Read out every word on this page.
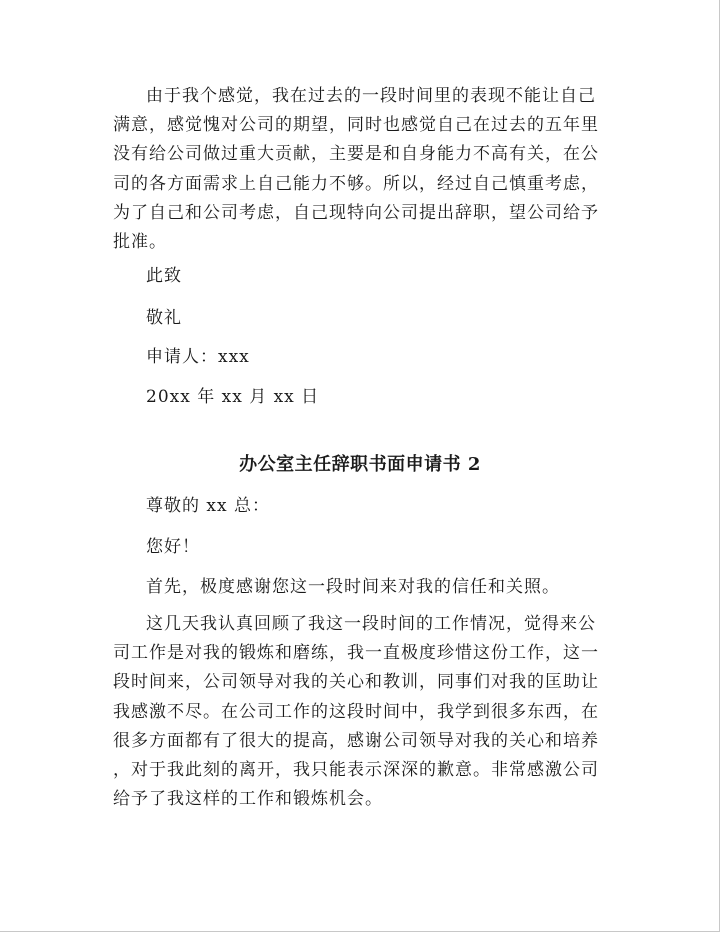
由于我个感觉，我在过去的一段时间里的表现不能让自己
满意，感觉愧对公司的期望，同时也感觉自己在过去的五年里
没有给公司做过重大贡献，主要是和自身能力不高有关，在公
司的各方面需求上自己能力不够。所以，经过自己慎重考虑，
为了自己和公司考虑，自己现特向公司提出辞职，望公司给予
批准。
此致
敬礼
申请人：xxx
20xx 年 xx 月 xx 日
办公室主任辞职书面申请书 2
尊敬的 xx 总：
您好！
首先，极度感谢您这一段时间来对我的信任和关照。
这几天我认真回顾了我这一段时间的工作情况，觉得来公
司工作是对我的锻炼和磨练，我一直极度珍惜这份工作，这一
段时间来，公司领导对我的关心和教训，同事们对我的匡助让
我感激不尽。在公司工作的这段时间中，我学到很多东西，在
很多方面都有了很大的提高，感谢公司领导对我的关心和培养
，对于我此刻的离开，我只能表示深深的歉意。非常感激公司
给予了我这样的工作和锻炼机会。
